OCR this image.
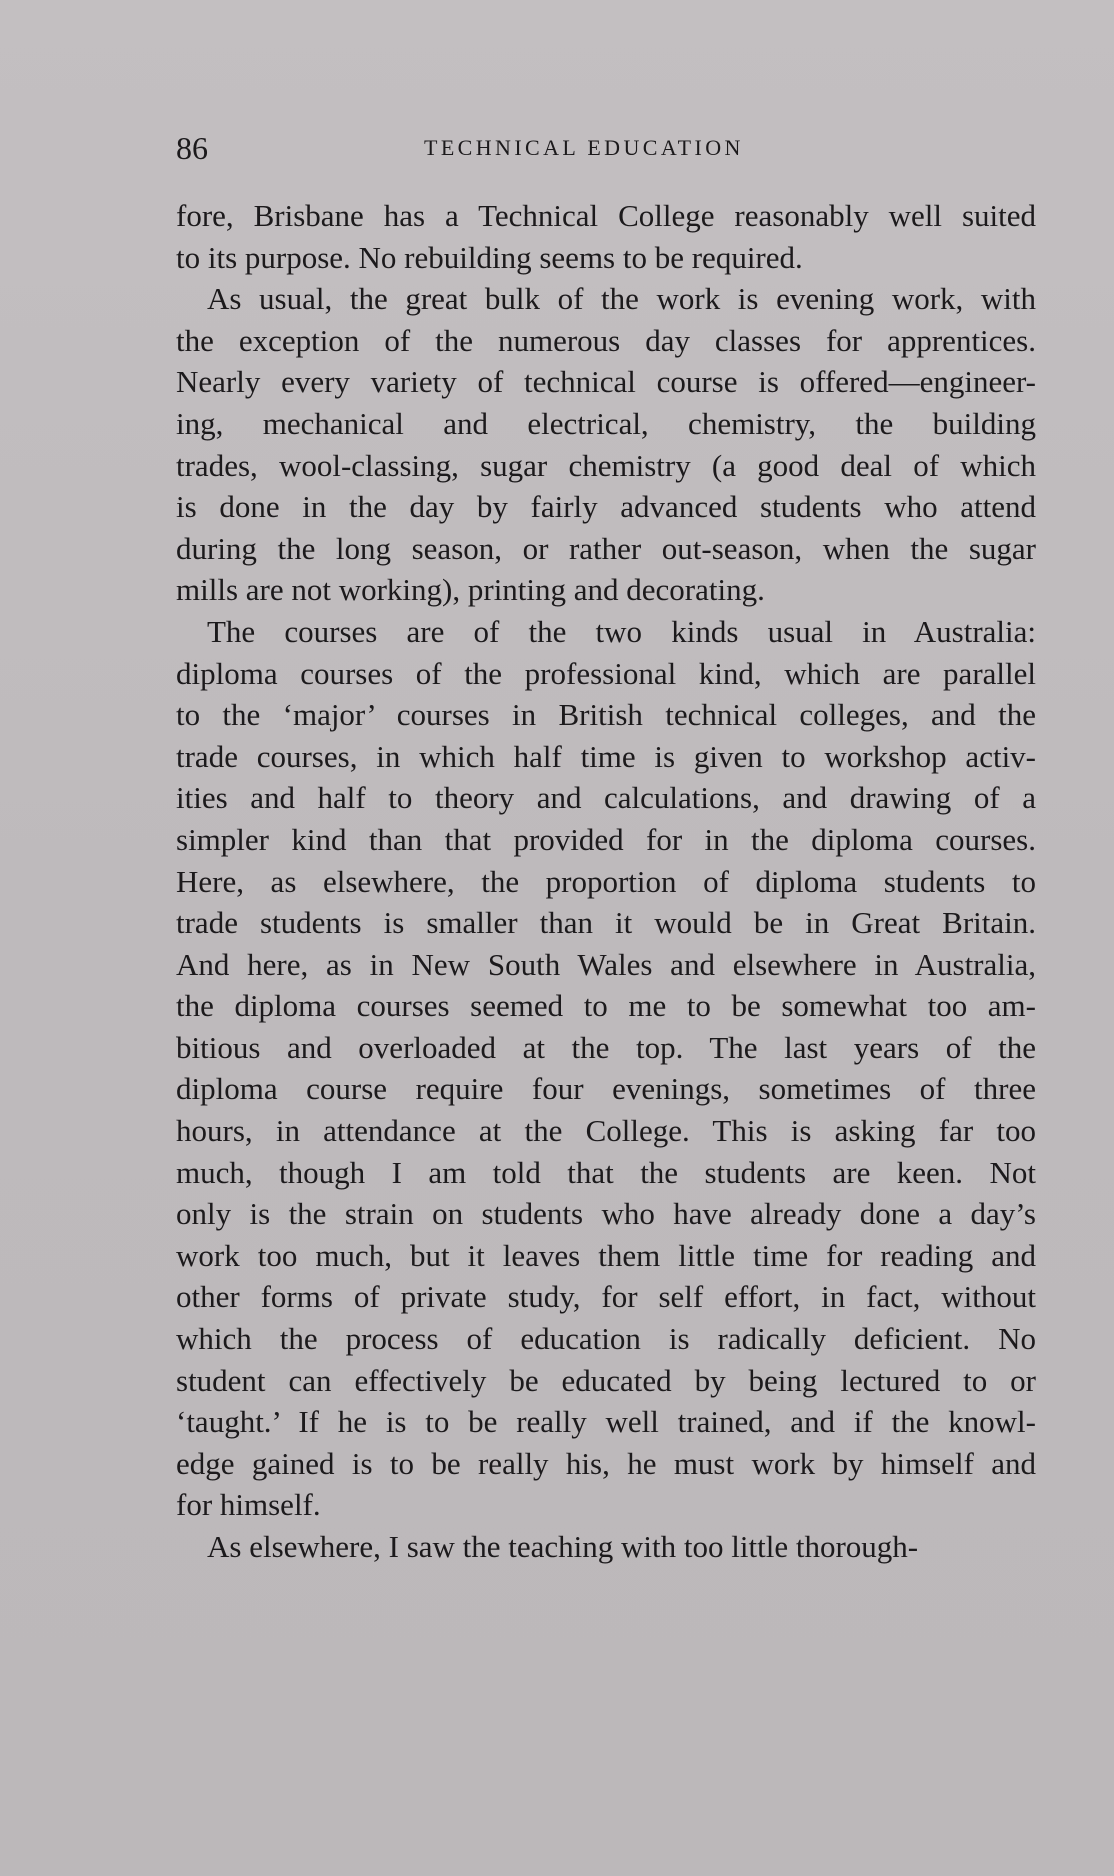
86	TECHNICAL EDUCATION
fore, Brisbane has a Technical College reasonably well suited
to its purpose. No rebuilding seems to be required.
As usual, the great bulk of the work is evening work, with
the exception of the numerous day classes for apprentices.
Nearly every variety of technical course is offered—engineer-
ing, mechanical and electrical, chemistry, the building
trades, wool-classing, sugar chemistry (a good deal of which
is done in the day by fairly advanced students who attend
during the long season, or rather out-season, when the sugar
mills are not working), printing and decorating.
The courses are of the two kinds usual in Australia:
diploma courses of the professional kind, which are parallel
to the ‘major’ courses in British technical colleges, and the
trade courses, in which half time is given to workshop activ-
ities and half to theory and calculations, and drawing of a
simpler kind than that provided for in the diploma courses.
Here, as elsewhere, the proportion of diploma students to
trade students is smaller than it would be in Great Britain.
And here, as in New South Wales and elsewhere in Australia,
the diploma courses seemed to me to be somewhat too am-
bitious and overloaded at the top. The last years of the
diploma course require four evenings, sometimes of three
hours, in attendance at the College. This is asking far too
much, though I am told that the students are keen. Not
only is the strain on students who have already done a day’s
work too much, but it leaves them little time for reading and
other forms of private study, for self effort, in fact, without
which the process of education is radically deficient. No
student can effectively be educated by being lectured to or
‘taught.’ If he is to be really well trained, and if the knowl-
edge gained is to be really his, he must work by himself and
for himself.
As elsewhere, I saw the teaching with too little thorough-
